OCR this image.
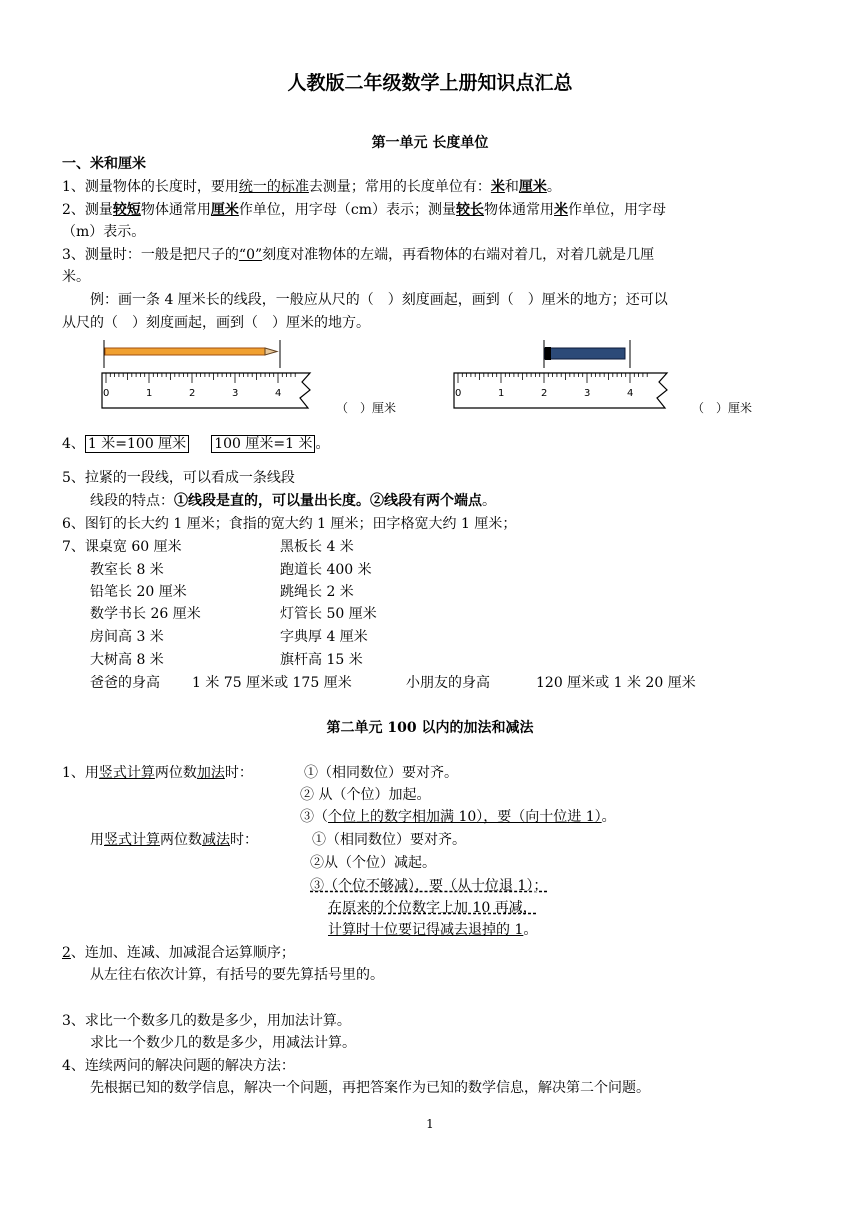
人教版二年级数学上册知识点汇总
第一单元 长度单位
一、米和厘米
1、测量物体的长度时，要用统一的标准去测量；常用的长度单位有：米和厘米。
2、测量较短物体通常用厘米作单位，用字母（cm）表示；测量较长物体通常用米作单位，用字母
（m）表示。
3、测量时：一般是把尺子的“0”刻度对准物体的左端，再看物体的右端对着几，对着几就是几厘
米。
例：画一条 4 厘米长的线段，一般应从尺的（　）刻度画起，画到（　）厘米的地方；还可以
从尺的（　）刻度画起，画到（　）厘米的地方。
0	1	2	3	4
（　）厘米
0	1	2	3	4
（　）厘米
4、 1 米=100 厘米 100 厘米=1 米 。
5、拉紧的一段线，可以看成一条线段
线段的特点：①线段是直的，可以量出长度。②线段有两个端点。
6、图钉的长大约 1 厘米；食指的宽大约 1 厘米；田字格宽大约 1 厘米；
7、课桌宽 60 厘米	黑板长 4 米
教室长 8 米	跑道长 400 米
铅笔长 20 厘米	跳绳长 2 米
数学书长 26 厘米	灯管长 50 厘米
房间高 3 米	字典厚 4 厘米
大树高 8 米	旗杆高 15 米
爸爸的身高 1 米 75 厘米或 175 厘米	小朋友的身高	120 厘米或 1 米 20 厘米
第二单元 100 以内的加法和减法
1、用竖式计算两位数加法时：	①（相同数位）要对齐。
② 从（个位）加起。
③（个位上的数字相加满 10），要（向十位进 1）。
用竖式计算两位数减法时：	①（相同数位）要对齐。
②从（个位）减起。
③（个位不够减），要（从十位退 1）；
在原来的个位数字上加 10 再减，
计算时十位要记得减去退掉的 1。
2、连加、连减、加减混合运算顺序；
从左往右依次计算，有括号的要先算括号里的。
3、求比一个数多几的数是多少，用加法计算。
求比一个数少几的数是多少，用减法计算。
4、连续两问的解决问题的解决方法：
先根据已知的数学信息，解决一个问题，再把答案作为已知的数学信息，解决第二个问题。
1
